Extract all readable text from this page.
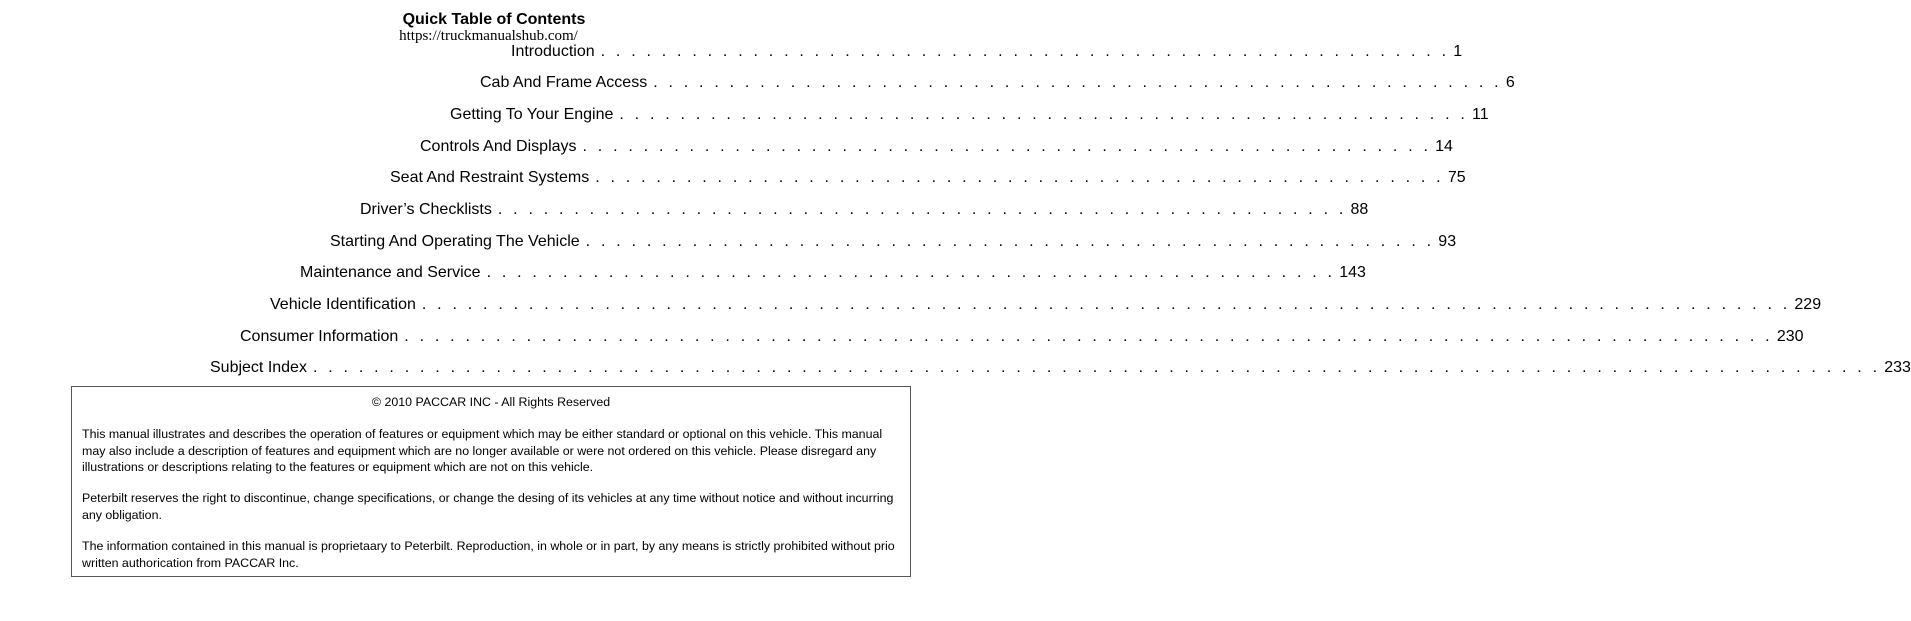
Quick Table of Contents
https://truckmanualshub.com/
Introduction . . . . . . . . . . . . . . . . . . . . . . . . . . . . . . . . . . . . . . . . . . . . . . . . . . . . . . . . 1
Cab And Frame Access . . . . . . . . . . . . . . . . . . . . . . . . . . . . . . . . . . . . . . . . . . . . . . . . . . . . . . . . 6
Getting To Your Engine . . . . . . . . . . . . . . . . . . . . . . . . . . . . . . . . . . . . . . . . . . . . . . . . . . . . . . . . 11
Controls And Displays . . . . . . . . . . . . . . . . . . . . . . . . . . . . . . . . . . . . . . . . . . . . . . . . . . . . . . . . 14
Seat And Restraint Systems . . . . . . . . . . . . . . . . . . . . . . . . . . . . . . . . . . . . . . . . . . . . . . . . . . . . . . . . 75
Driver’s Checklists . . . . . . . . . . . . . . . . . . . . . . . . . . . . . . . . . . . . . . . . . . . . . . . . . . . . . . . . 88
Starting And Operating The Vehicle . . . . . . . . . . . . . . . . . . . . . . . . . . . . . . . . . . . . . . . . . . . . . . . . . . . . . . . . 93
Maintenance and Service . . . . . . . . . . . . . . . . . . . . . . . . . . . . . . . . . . . . . . . . . . . . . . . . . . . . . . . . 143
Vehicle Identification . . . . . . . . . . . . . . . . . . . . . . . . . . . . . . . . . . . . . . . . . . . . . . . . . . . . . . . . . . . . . . . . . . . . . . . . . . . . . . . . . . . . . . . . . . 229
Consumer Information . . . . . . . . . . . . . . . . . . . . . . . . . . . . . . . . . . . . . . . . . . . . . . . . . . . . . . . . . . . . . . . . . . . . . . . . . . . . . . . . . . . . . . . . . . 230
Subject Index . . . . . . . . . . . . . . . . . . . . . . . . . . . . . . . . . . . . . . . . . . . . . . . . . . . . . . . . . . . . . . . . . . . . . . . . . . . . . . . . . . . . . . . . . . . . . . . . . . . . . . . 233
© 2010 PACCAR INC - All Rights Reserved
This manual illustrates and describes the operation of features or equipment which may be either standard or optional on this vehicle. This manual may also include a description of features and equipment which are no longer available or were not ordered on this vehicle. Please disregard any illustrations or descriptions relating to the features or equipment which are not on this vehicle.
Peterbilt reserves the right to discontinue, change specifications, or change the desing of its vehicles at any time without notice and without incurring any obligation.
The information contained in this manual is proprietaary to Peterbilt. Reproduction, in whole or in part, by any means is strictly prohibited without prio written authorication from PACCAR Inc.
